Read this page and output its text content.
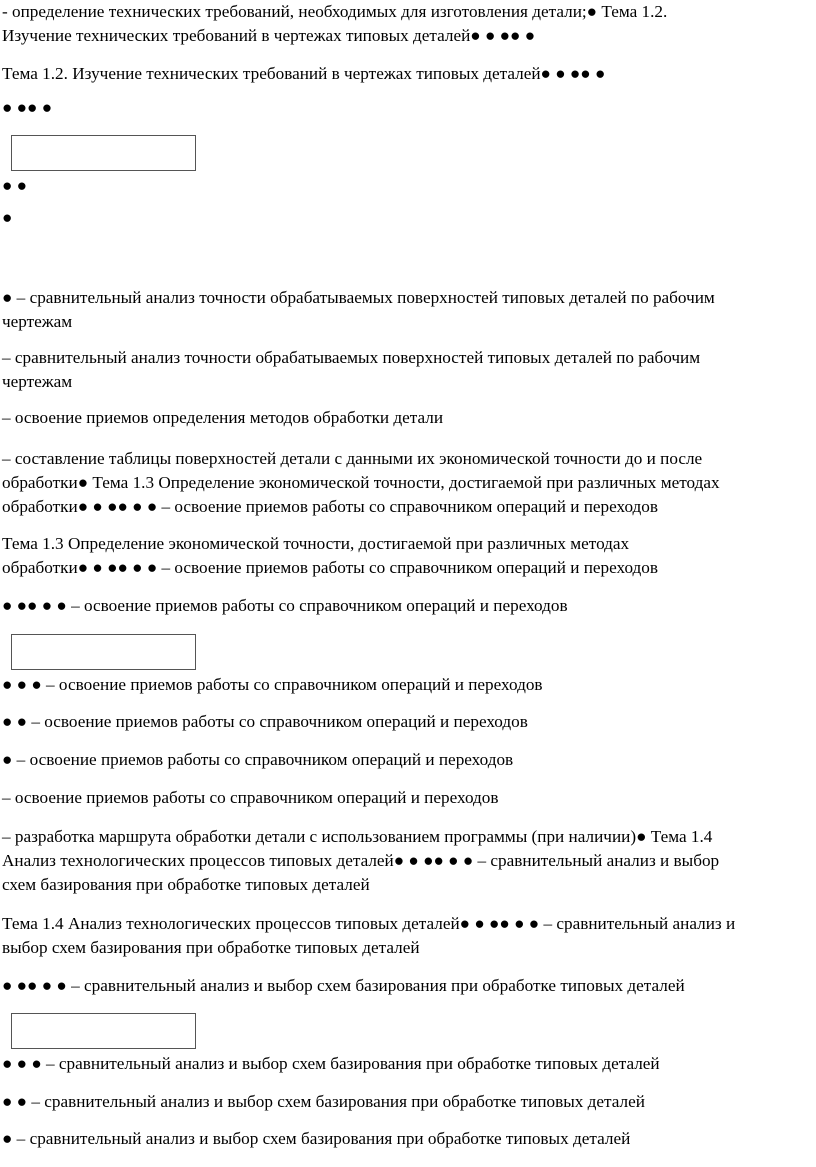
- определение технических требований, необходимых для изготовления детали;● Тема 1.2.
Изучение технических требований в чертежах типовых деталей● ● ●● ●

Тема 1.2. Изучение технических требований в чертежах типовых деталей● ● ●● ●

● ●● ●

● ●

●

● – сравнительный анализ точности обрабатываемых поверхностей типовых деталей по рабочим
чертежам

– сравнительный анализ точности обрабатываемых поверхностей типовых деталей по рабочим
чертежам

– освоение приемов определения методов обработки детали

– составление таблицы поверхностей детали с данными их экономической точности до и после
обработки● Тема 1.3 Определение экономической точности, достигаемой при различных методах
обработки● ● ●● ● ● – освоение приемов работы со справочником операций и переходов

Тема 1.3 Определение экономической точности, достигаемой при различных методах
обработки● ● ●● ● ● – освоение приемов работы со справочником операций и переходов

● ●● ● ● – освоение приемов работы со справочником операций и переходов

● ● ● – освоение приемов работы со справочником операций и переходов

● ● – освоение приемов работы со справочником операций и переходов

● – освоение приемов работы со справочником операций и переходов

– освоение приемов работы со справочником операций и переходов

– разработка маршрута обработки детали с использованием программы (при наличии)● Тема 1.4
Анализ технологических процессов типовых деталей● ● ●● ● ● – сравнительный анализ и выбор
схем базирования при обработке типовых деталей

Тема 1.4 Анализ технологических процессов типовых деталей● ● ●● ● ● – сравнительный анализ и
выбор схем базирования при обработке типовых деталей

● ●● ● ● – сравнительный анализ и выбор схем базирования при обработке типовых деталей

● ● ● – сравнительный анализ и выбор схем базирования при обработке типовых деталей

● ● – сравнительный анализ и выбор схем базирования при обработке типовых деталей

● – сравнительный анализ и выбор схем базирования при обработке типовых деталей
